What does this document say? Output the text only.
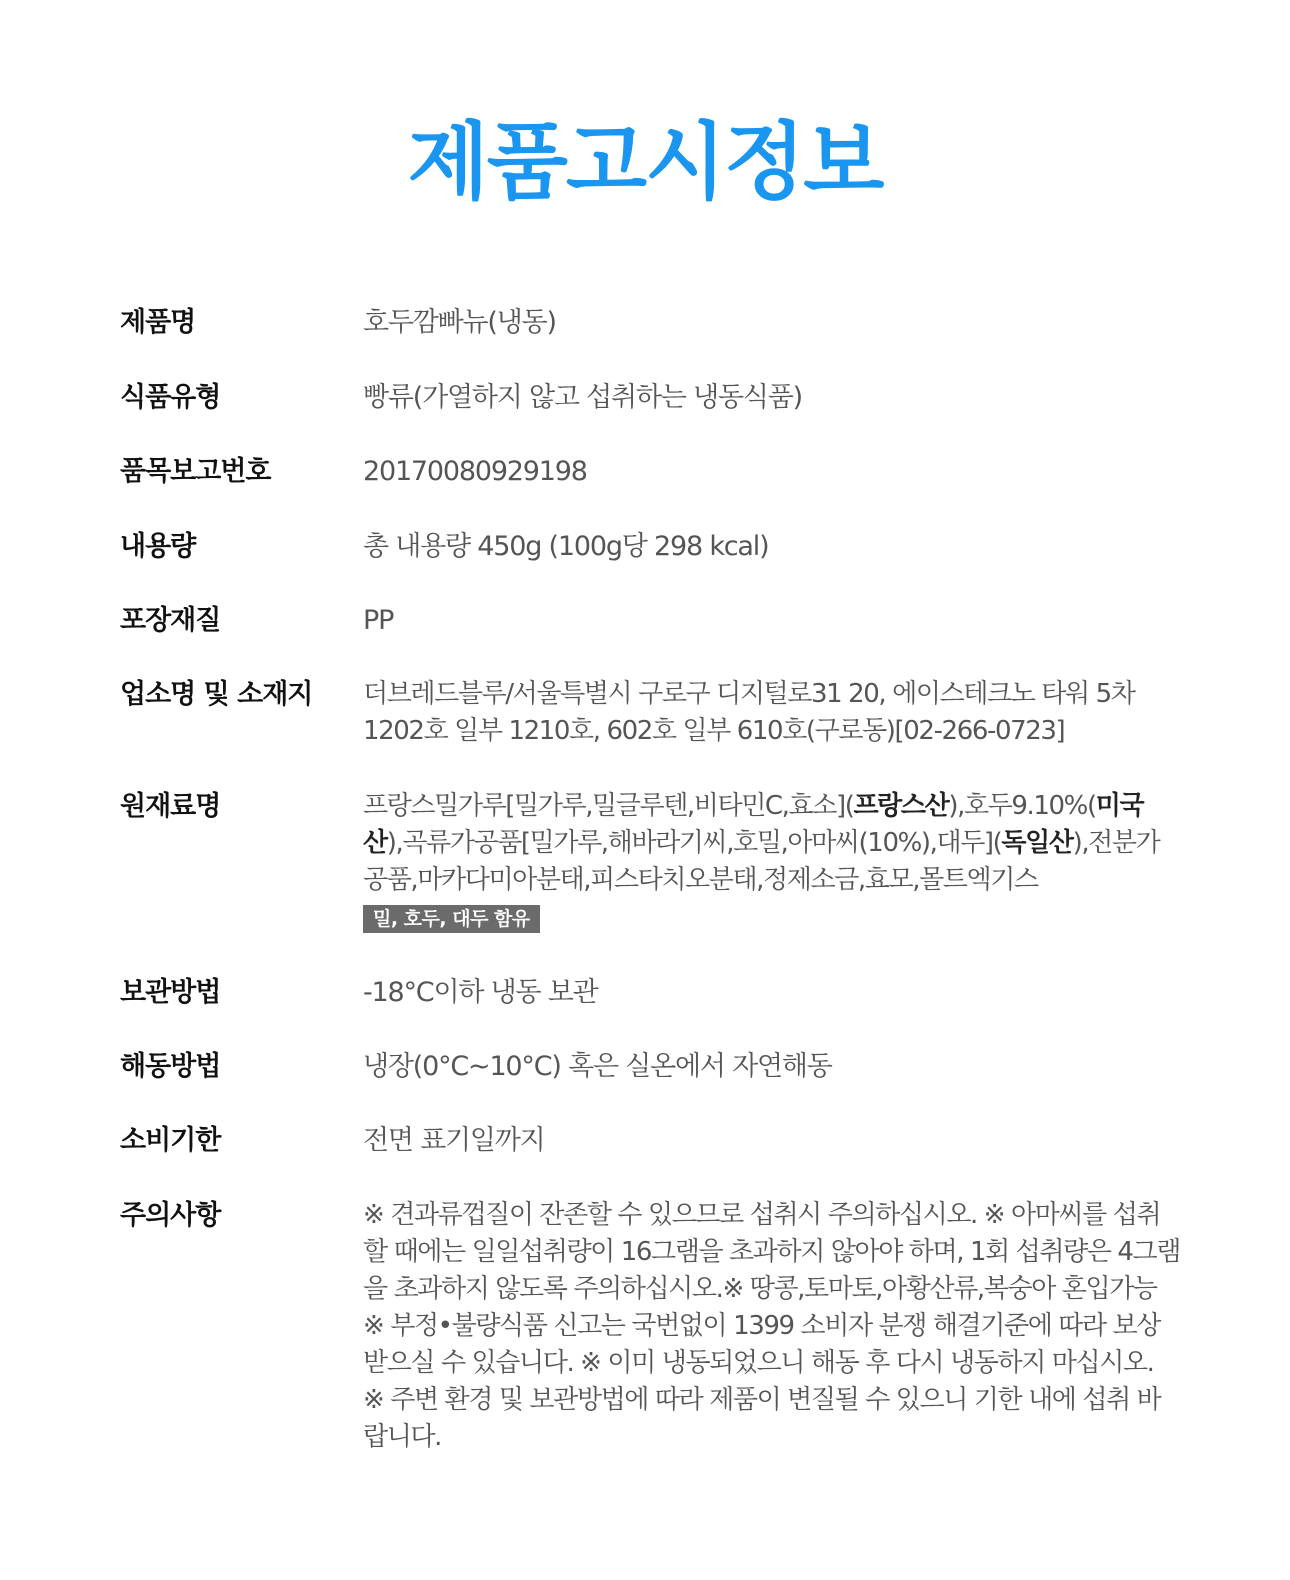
제품고시정보
제품명	호두깜빠뉴(냉동)
식품유형	빵류(가열하지 않고 섭취하는 냉동식품)
품목보고번호	20170080929198
내용량	총 내용량 450g (100g당 298 kcal)
포장재질	PP
업소명 및 소재지	더브레드블루/서울특별시 구로구 디지털로31 20, 에이스테크노 타워 5차
1202호 일부 1210호, 602호 일부 610호(구로동)[02-266-0723]
원재료명	프랑스밀가루[밀가루,밀글루텐,비타민C,효소](프랑스산),호두9.10%(미국산),곡류가공품[밀가루,해바라기씨,호밀,아마씨(10%),대두](독일산),전분가공품,마카다미아분태,피스타치오분태,정제소금,효모,몰트엑기스
밀, 호두, 대두 함유
보관방법	-18°C이하 냉동 보관
해동방법	냉장(0°C~10°C) 혹은 실온에서 자연해동
소비기한	전면 표기일까지
주의사항	※ 견과류껍질이 잔존할 수 있으므로 섭취시 주의하십시오. ※ 아마씨를 섭취할 때에는 일일섭취량이 16그램을 초과하지 않아야 하며, 1회 섭취량은 4그램을 초과하지 않도록 주의하십시오.※ 땅콩,토마토,아황산류,복숭아 혼입가능 ※ 부정•불량식품 신고는 국번없이 1399 소비자 분쟁 해결기준에 따라 보상받으실 수 있습니다. ※ 이미 냉동되었으니 해동 후 다시 냉동하지 마십시오. ※ 주변 환경 및 보관방법에 따라 제품이 변질될 수 있으니 기한 내에 섭취 바랍니다.
